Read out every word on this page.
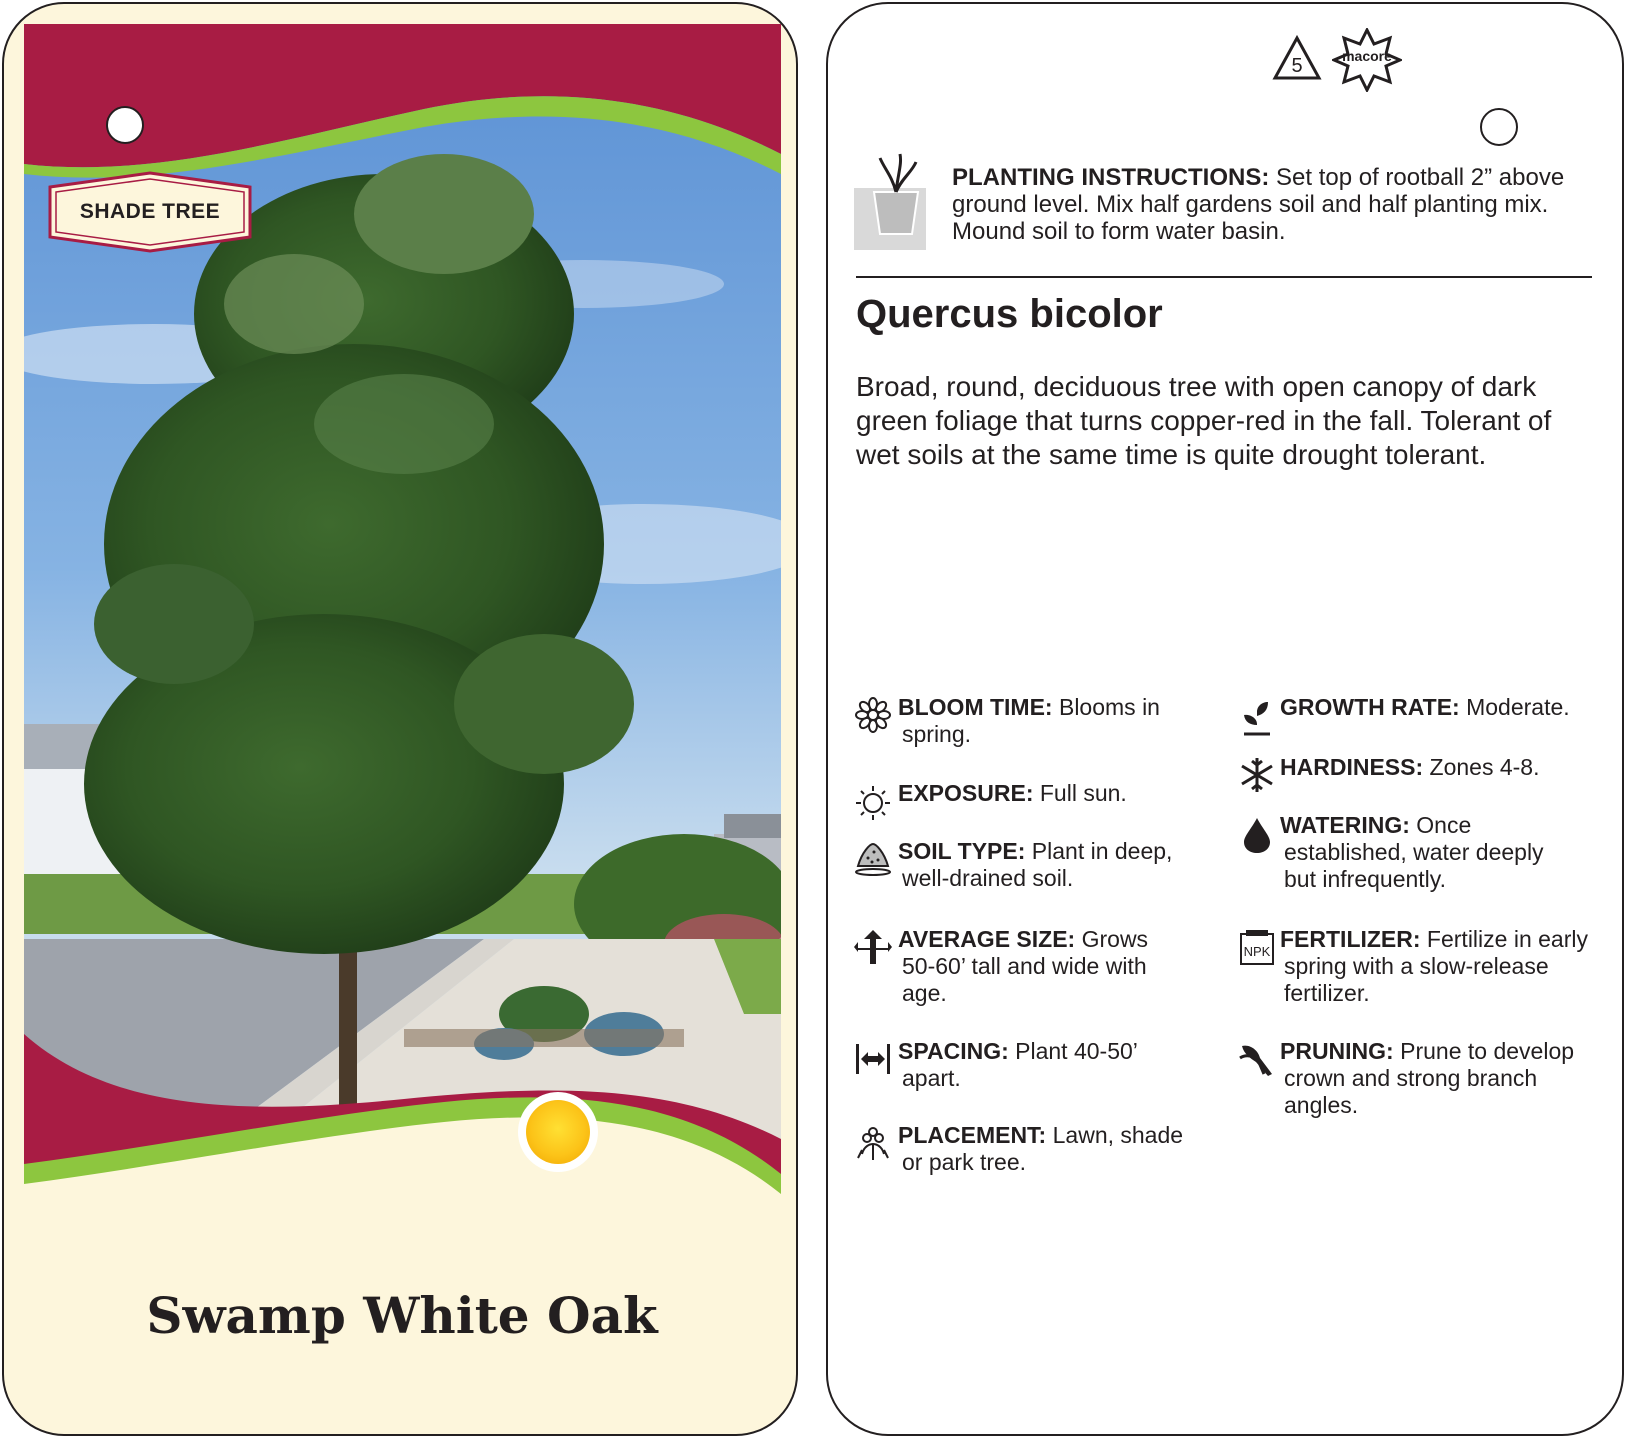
SHADE TREE
Swamp White Oak
5	macore
PLANTING INSTRUCTIONS: Set top of rootball 2” above
ground level. Mix half gardens soil and half planting mix.
Mound soil to form water basin.
Quercus bicolor
Broad, round, deciduous tree with open canopy of dark
green foliage that turns copper-red in the fall. Tolerant of
wet soils at the same time is quite drought tolerant.
BLOOM TIME: Blooms in
spring.
EXPOSURE: Full sun.
SOIL TYPE: Plant in deep,
well-drained soil.
AVERAGE SIZE: Grows
50-60’ tall and wide with
age.
SPACING: Plant 40-50’
apart.
PLACEMENT: Lawn, shade
or park tree.
GROWTH RATE: Moderate.
HARDINESS: Zones 4-8.
WATERING: Once
established, water deeply
but infrequently.
NPK FERTILIZER: Fertilize in early
spring with a slow-release
fertilizer.
PRUNING: Prune to develop
crown and strong branch
angles.
